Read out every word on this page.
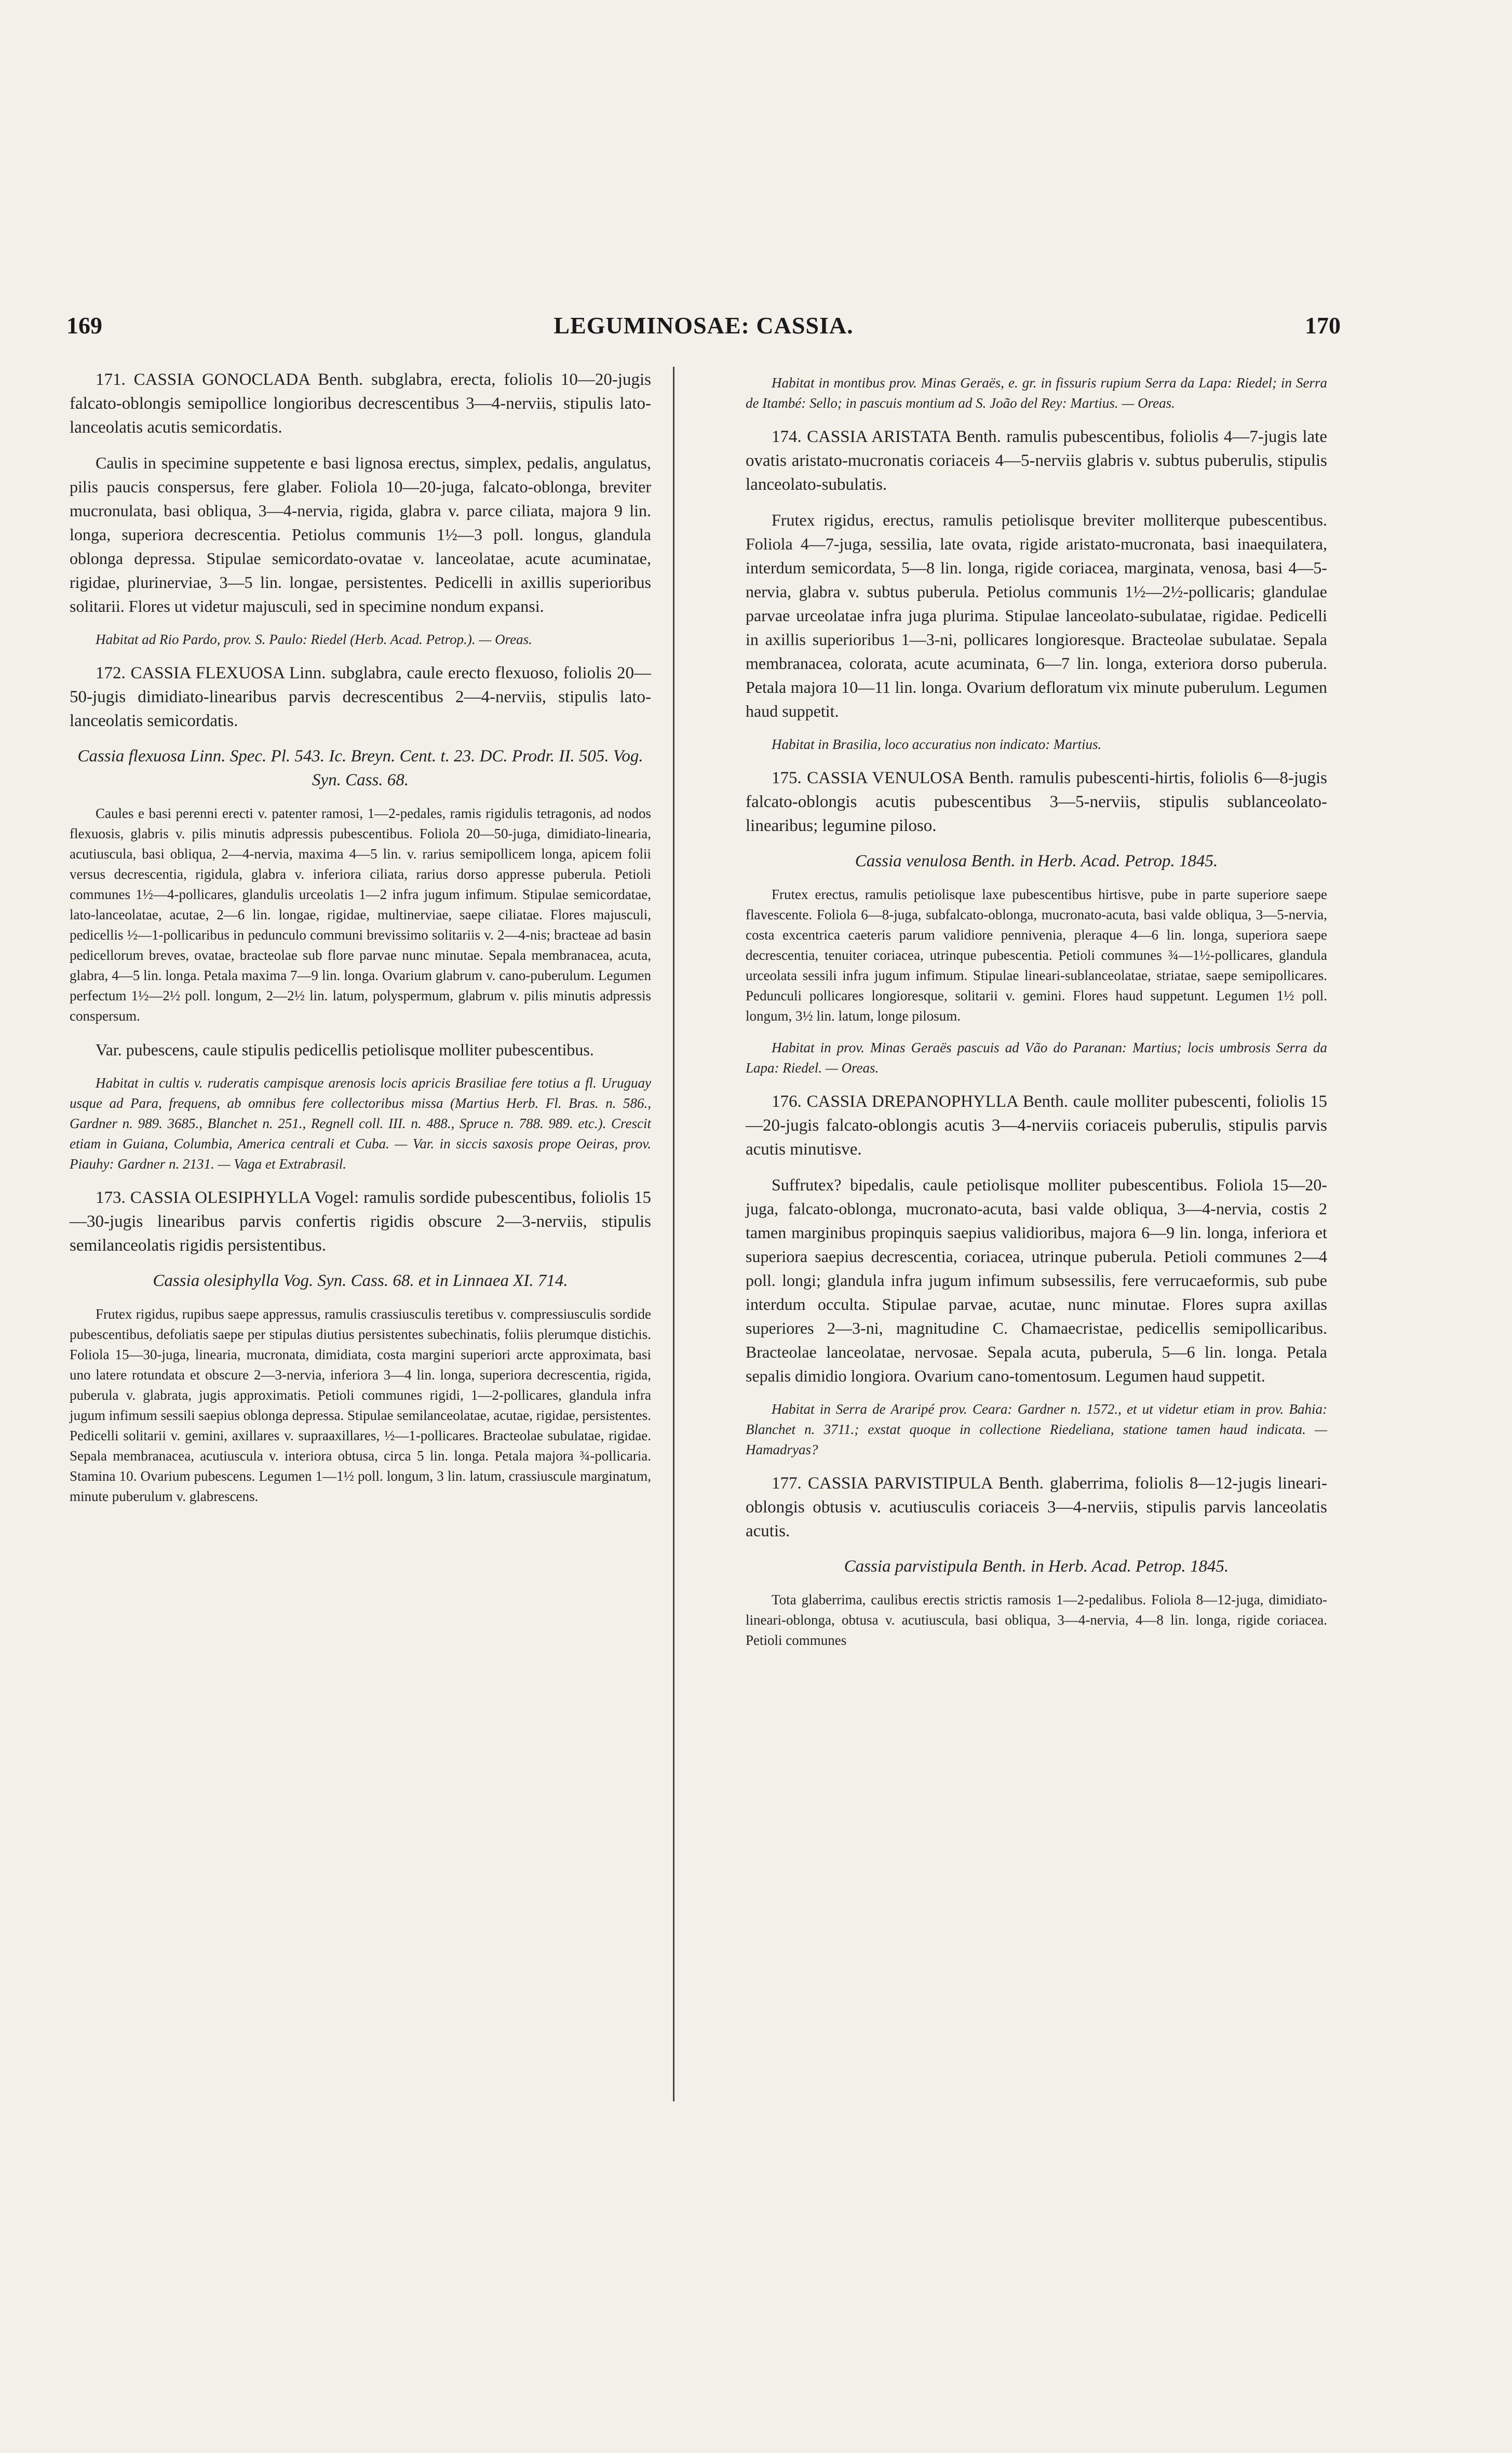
169	LEGUMINOSAE: CASSIA.	170

171. CASSIA GONOCLADA Benth. subglabra, erecta, foliolis 10—20-jugis falcato-oblongis semipollice longioribus decrescentibus 3—4-nerviis, stipulis lato-lanceolatis acutis semicordatis.

Caulis in specimine suppetente e basi lignosa erectus, simplex, pedalis, angulatus, pilis paucis conspersus, fere glaber. Foliola 10—20-juga, falcato-oblonga, breviter mucronulata, basi obliqua, 3—4-nervia, rigida, glabra v. parce ciliata, majora 9 lin. longa, superiora decrescentia. Petiolus communis 1½—3 poll. longus, glandula oblonga depressa. Stipulae semicordato-ovatae v. lanceolatae, acute acuminatae, rigidae, plurinerviae, 3—5 lin. longae, persistentes. Pedicelli in axillis superioribus solitarii. Flores ut videtur majusculi, sed in specimine nondum expansi.

Habitat ad Rio Pardo, prov. S. Paulo: Riedel (Herb. Acad. Petrop.). — Oreas.

172. CASSIA FLEXUOSA Linn. subglabra, caule erecto flexuoso, foliolis 20—50-jugis dimidiato-linearibus parvis decrescentibus 2—4-nerviis, stipulis lato-lanceolatis semicordatis.

Cassia flexuosa Linn. Spec. Pl. 543. Ic. Breyn. Cent. t. 23. DC. Prodr. II. 505. Vog. Syn. Cass. 68.

Caules e basi perenni erecti v. patenter ramosi, 1—2-pedales, ramis rigidulis tetragonis, ad nodos flexuosis, glabris v. pilis minutis adpressis pubescentibus. Foliola 20—50-juga, dimidiato-linearia, acutiuscula, basi obliqua, 2—4-nervia, maxima 4—5 lin. v. rarius semipollicem longa, apicem folii versus decrescentia, rigidula, glabra v. inferiora ciliata, rarius dorso appresse puberula. Petioli communes 1½—4-pollicares, glandulis urceolatis 1—2 infra jugum infimum. Stipulae semicordatae, lato-lanceolatae, acutae, 2—6 lin. longae, rigidae, multinerviae, saepe ciliatae. Flores majusculi, pedicellis ½—1-pollicaribus in pedunculo communi brevissimo solitariis v. 2—4-nis; bracteae ad basin pedicellorum breves, ovatae, bracteolae sub flore parvae nunc minutae. Sepala membranacea, acuta, glabra, 4—5 lin. longa. Petala maxima 7—9 lin. longa. Ovarium glabrum v. cano-puberulum. Legumen perfectum 1½—2½ poll. longum, 2—2½ lin. latum, polyspermum, glabrum v. pilis minutis adpressis conspersum.

Var. pubescens, caule stipulis pedicellis petiolisque molliter pubescentibus.

Habitat in cultis v. ruderatis campisque arenosis locis apricis Brasiliae fere totius a fl. Uruguay usque ad Para, frequens, ab omnibus fere collectoribus missa (Martius Herb. Fl. Bras. n. 586., Gardner n. 989. 3685., Blanchet n. 251., Regnell coll. III. n. 488., Spruce n. 788. 989. etc.). Crescit etiam in Guiana, Columbia, America centrali et Cuba. — Var. in siccis saxosis prope Oeiras, prov. Piauhy: Gardner n. 2131. — Vaga et Extrabrasil.

173. CASSIA OLESIPHYLLA Vogel: ramulis sordide pubescentibus, foliolis 15—30-jugis linearibus parvis confertis rigidis obscure 2—3-nerviis, stipulis semilanceolatis rigidis persistentibus.

Cassia olesiphylla Vog. Syn. Cass. 68. et in Linnaea XI. 714.

Frutex rigidus, rupibus saepe appressus, ramulis crassiusculis teretibus v. compressiusculis sordide pubescentibus, defoliatis saepe per stipulas diutius persistentes subechinatis, foliis plerumque distichis. Foliola 15—30-juga, linearia, mucronata, dimidiata, costa margini superiori arcte approximata, basi uno latere rotundata et obscure 2—3-nervia, inferiora 3—4 lin. longa, superiora decrescentia, rigida, puberula v. glabrata, jugis approximatis. Petioli communes rigidi, 1—2-pollicares, glandula infra jugum infimum sessili saepius oblonga depressa. Stipulae semilanceolatae, acutae, rigidae, persistentes. Pedicelli solitarii v. gemini, axillares v. supraaxillares, ½—1-pollicares. Bracteolae subulatae, rigidae. Sepala membranacea, acutiuscula v. interiora obtusa, circa 5 lin. longa. Petala majora ¾-pollicaria. Stamina 10. Ovarium pubescens. Legumen 1—1½ poll. longum, 3 lin. latum, crassiuscule marginatum, minute puberulum v. glabrescens.

Habitat in montibus prov. Minas Geraës, e. gr. in fissuris rupium Serra da Lapa: Riedel; in Serra de Itambé: Sello; in pascuis montium ad S. João del Rey: Martius. — Oreas.

174. CASSIA ARISTATA Benth. ramulis pubescentibus, foliolis 4—7-jugis late ovatis aristato-mucronatis coriaceis 4—5-nerviis glabris v. subtus puberulis, stipulis lanceolato-subulatis.

Frutex rigidus, erectus, ramulis petiolisque breviter molliterque pubescentibus. Foliola 4—7-juga, sessilia, late ovata, rigide aristato-mucronata, basi inaequilatera, interdum semicordata, 5—8 lin. longa, rigide coriacea, marginata, venosa, basi 4—5-nervia, glabra v. subtus puberula. Petiolus communis 1½—2½-pollicaris; glandulae parvae urceolatae infra juga plurima. Stipulae lanceolato-subulatae, rigidae. Pedicelli in axillis superioribus 1—3-ni, pollicares longioresque. Bracteolae subulatae. Sepala membranacea, colorata, acute acuminata, 6—7 lin. longa, exteriora dorso puberula. Petala majora 10—11 lin. longa. Ovarium defloratum vix minute puberulum. Legumen haud suppetit.

Habitat in Brasilia, loco accuratius non indicato: Martius.

175. CASSIA VENULOSA Benth. ramulis pubescenti-hirtis, foliolis 6—8-jugis falcato-oblongis acutis pubescentibus 3—5-nerviis, stipulis sublanceolato-linearibus; legumine piloso.

Cassia venulosa Benth. in Herb. Acad. Petrop. 1845.

Frutex erectus, ramulis petiolisque laxe pubescentibus hirtisve, pube in parte superiore saepe flavescente. Foliola 6—8-juga, subfalcato-oblonga, mucronato-acuta, basi valde obliqua, 3—5-nervia, costa excentrica caeteris parum validiore pennivenia, pleraque 4—6 lin. longa, superiora saepe decrescentia, tenuiter coriacea, utrinque pubescentia. Petioli communes ¾—1½-pollicares, glandula urceolata sessili infra jugum infimum. Stipulae lineari-sublanceolatae, striatae, saepe semipollicares. Pedunculi pollicares longioresque, solitarii v. gemini. Flores haud suppetunt. Legumen 1½ poll. longum, 3½ lin. latum, longe pilosum.

Habitat in prov. Minas Geraës pascuis ad Vão do Paranan: Martius; locis umbrosis Serra da Lapa: Riedel. — Oreas.

176. CASSIA DREPANOPHYLLA Benth. caule molliter pubescenti, foliolis 15—20-jugis falcato-oblongis acutis 3—4-nerviis coriaceis puberulis, stipulis parvis acutis minutisve.

Suffrutex? bipedalis, caule petiolisque molliter pubescentibus. Foliola 15—20-juga, falcato-oblonga, mucronato-acuta, basi valde obliqua, 3—4-nervia, costis 2 tamen marginibus propinquis saepius validioribus, majora 6—9 lin. longa, inferiora et superiora saepius decrescentia, coriacea, utrinque puberula. Petioli communes 2—4 poll. longi; glandula infra jugum infimum subsessilis, fere verrucaeformis, sub pube interdum occulta. Stipulae parvae, acutae, nunc minutae. Flores supra axillas superiores 2—3-ni, magnitudine C. Chamaecristae, pedicellis semipollicaribus. Bracteolae lanceolatae, nervosae. Sepala acuta, puberula, 5—6 lin. longa. Petala sepalis dimidio longiora. Ovarium cano-tomentosum. Legumen haud suppetit.

Habitat in Serra de Araripé prov. Ceara: Gardner n. 1572., et ut videtur etiam in prov. Bahia: Blanchet n. 3711.; exstat quoque in collectione Riedeliana, statione tamen haud indicata. — Hamadryas?

177. CASSIA PARVISTIPULA Benth. glaberrima, foliolis 8—12-jugis lineari-oblongis obtusis v. acutiusculis coriaceis 3—4-nerviis, stipulis parvis lanceolatis acutis.

Cassia parvistipula Benth. in Herb. Acad. Petrop. 1845.

Tota glaberrima, caulibus erectis strictis ramosis 1—2-pedalibus. Foliola 8—12-juga, dimidiato-lineari-oblonga, obtusa v. acutiuscula, basi obliqua, 3—4-nervia, 4—8 lin. longa, rigide coriacea. Petioli communes
